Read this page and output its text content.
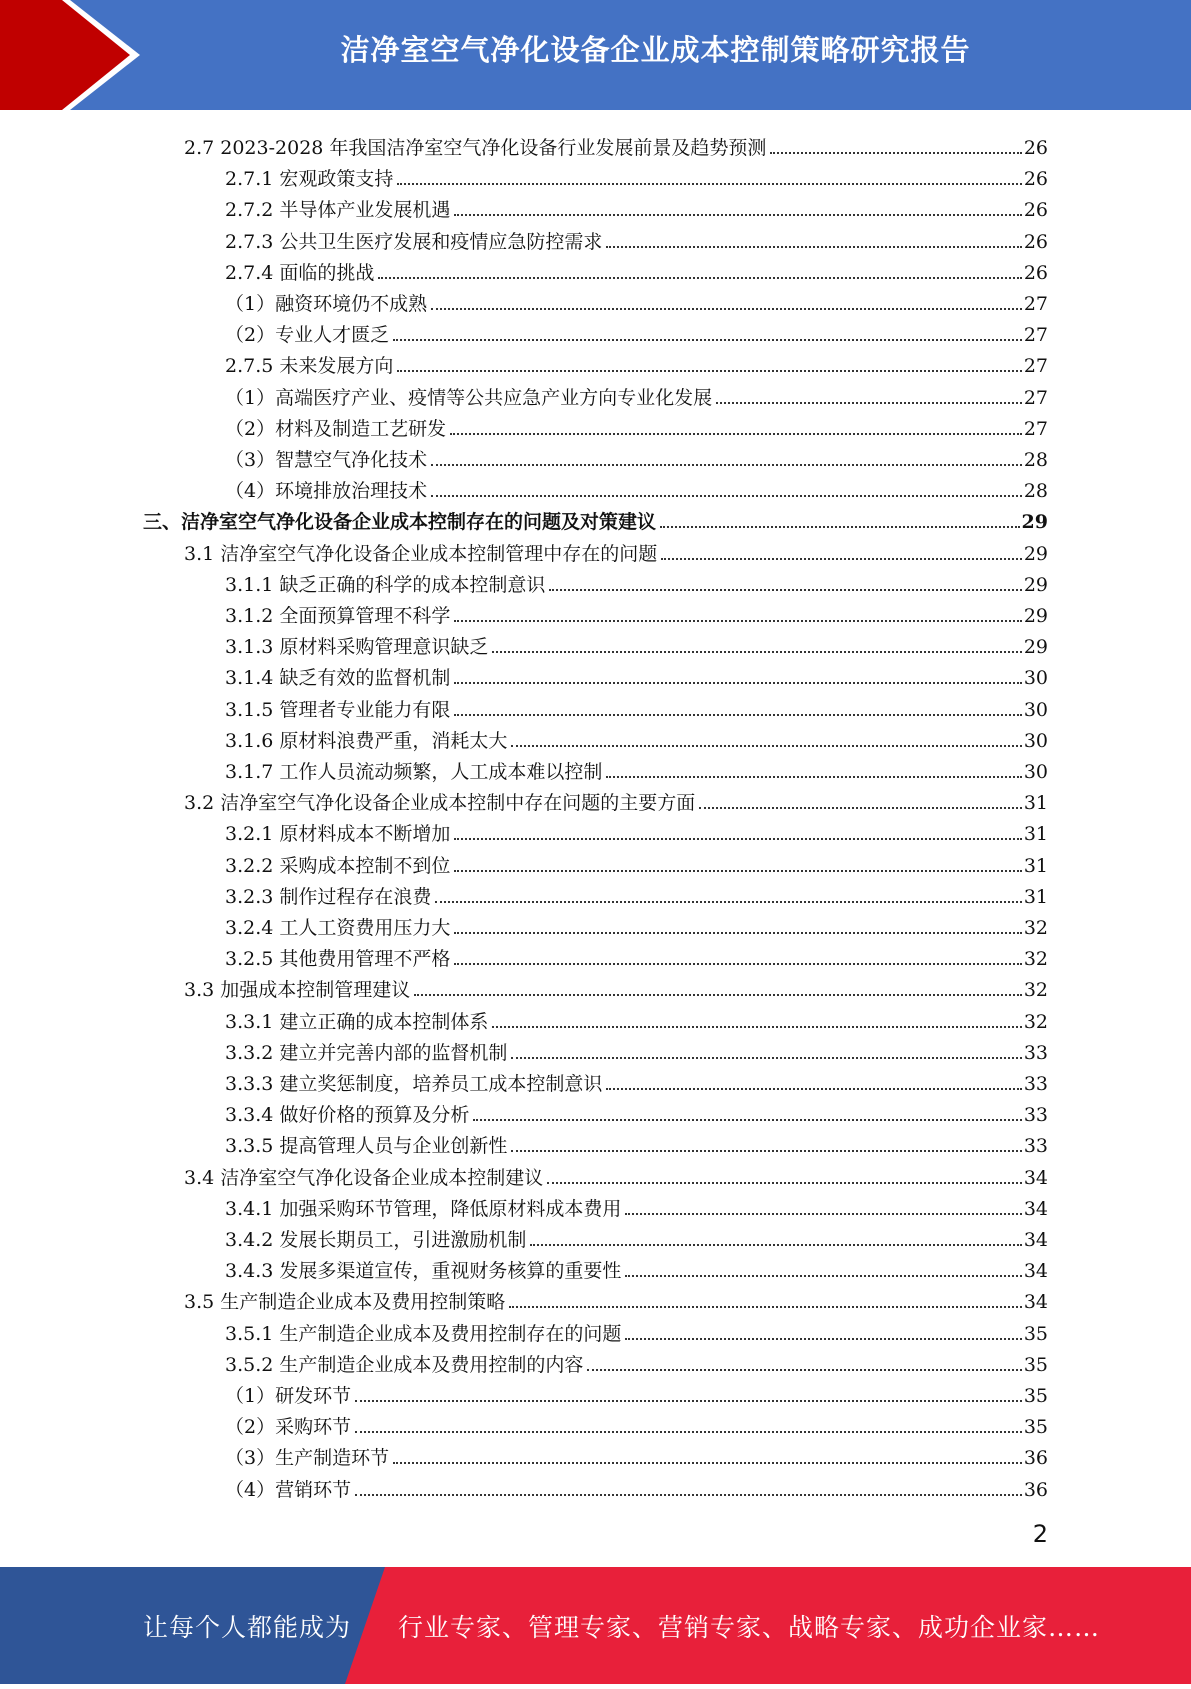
洁净室空气净化设备企业成本控制策略研究报告
2.7 2023-2028 年我国洁净室空气净化设备行业发展前景及趋势预测	26
2.7.1 宏观政策支持	26
2.7.2 半导体产业发展机遇	26
2.7.3 公共卫生医疗发展和疫情应急防控需求	26
2.7.4 面临的挑战	26
（1）融资环境仍不成熟	27
（2）专业人才匮乏	27
2.7.5 未来发展方向	27
（1）高端医疗产业、疫情等公共应急产业方向专业化发展	27
（2）材料及制造工艺研发	27
（3）智慧空气净化技术	28
（4）环境排放治理技术	28
三、洁净室空气净化设备企业成本控制存在的问题及对策建议	29
3.1 洁净室空气净化设备企业成本控制管理中存在的问题	29
3.1.1 缺乏正确的科学的成本控制意识	29
3.1.2 全面预算管理不科学	29
3.1.3 原材料采购管理意识缺乏	29
3.1.4 缺乏有效的监督机制	30
3.1.5 管理者专业能力有限	30
3.1.6 原材料浪费严重，消耗太大	30
3.1.7 工作人员流动频繁，人工成本难以控制	30
3.2 洁净室空气净化设备企业成本控制中存在问题的主要方面	31
3.2.1 原材料成本不断增加	31
3.2.2 采购成本控制不到位	31
3.2.3 制作过程存在浪费	31
3.2.4 工人工资费用压力大	32
3.2.5 其他费用管理不严格	32
3.3 加强成本控制管理建议	32
3.3.1 建立正确的成本控制体系	32
3.3.2 建立并完善内部的监督机制	33
3.3.3 建立奖惩制度，培养员工成本控制意识	33
3.3.4 做好价格的预算及分析	33
3.3.5 提高管理人员与企业创新性	33
3.4 洁净室空气净化设备企业成本控制建议	34
3.4.1 加强采购环节管理，降低原材料成本费用	34
3.4.2 发展长期员工，引进激励机制	34
3.4.3 发展多渠道宣传，重视财务核算的重要性	34
3.5 生产制造企业成本及费用控制策略	34
3.5.1 生产制造企业成本及费用控制存在的问题	35
3.5.2 生产制造企业成本及费用控制的内容	35
（1）研发环节	35
（2）采购环节	35
（3）生产制造环节	36
（4）营销环节	36
2
让每个人都能成为 行业专家、管理专家、营销专家、战略专家、成功企业家……
